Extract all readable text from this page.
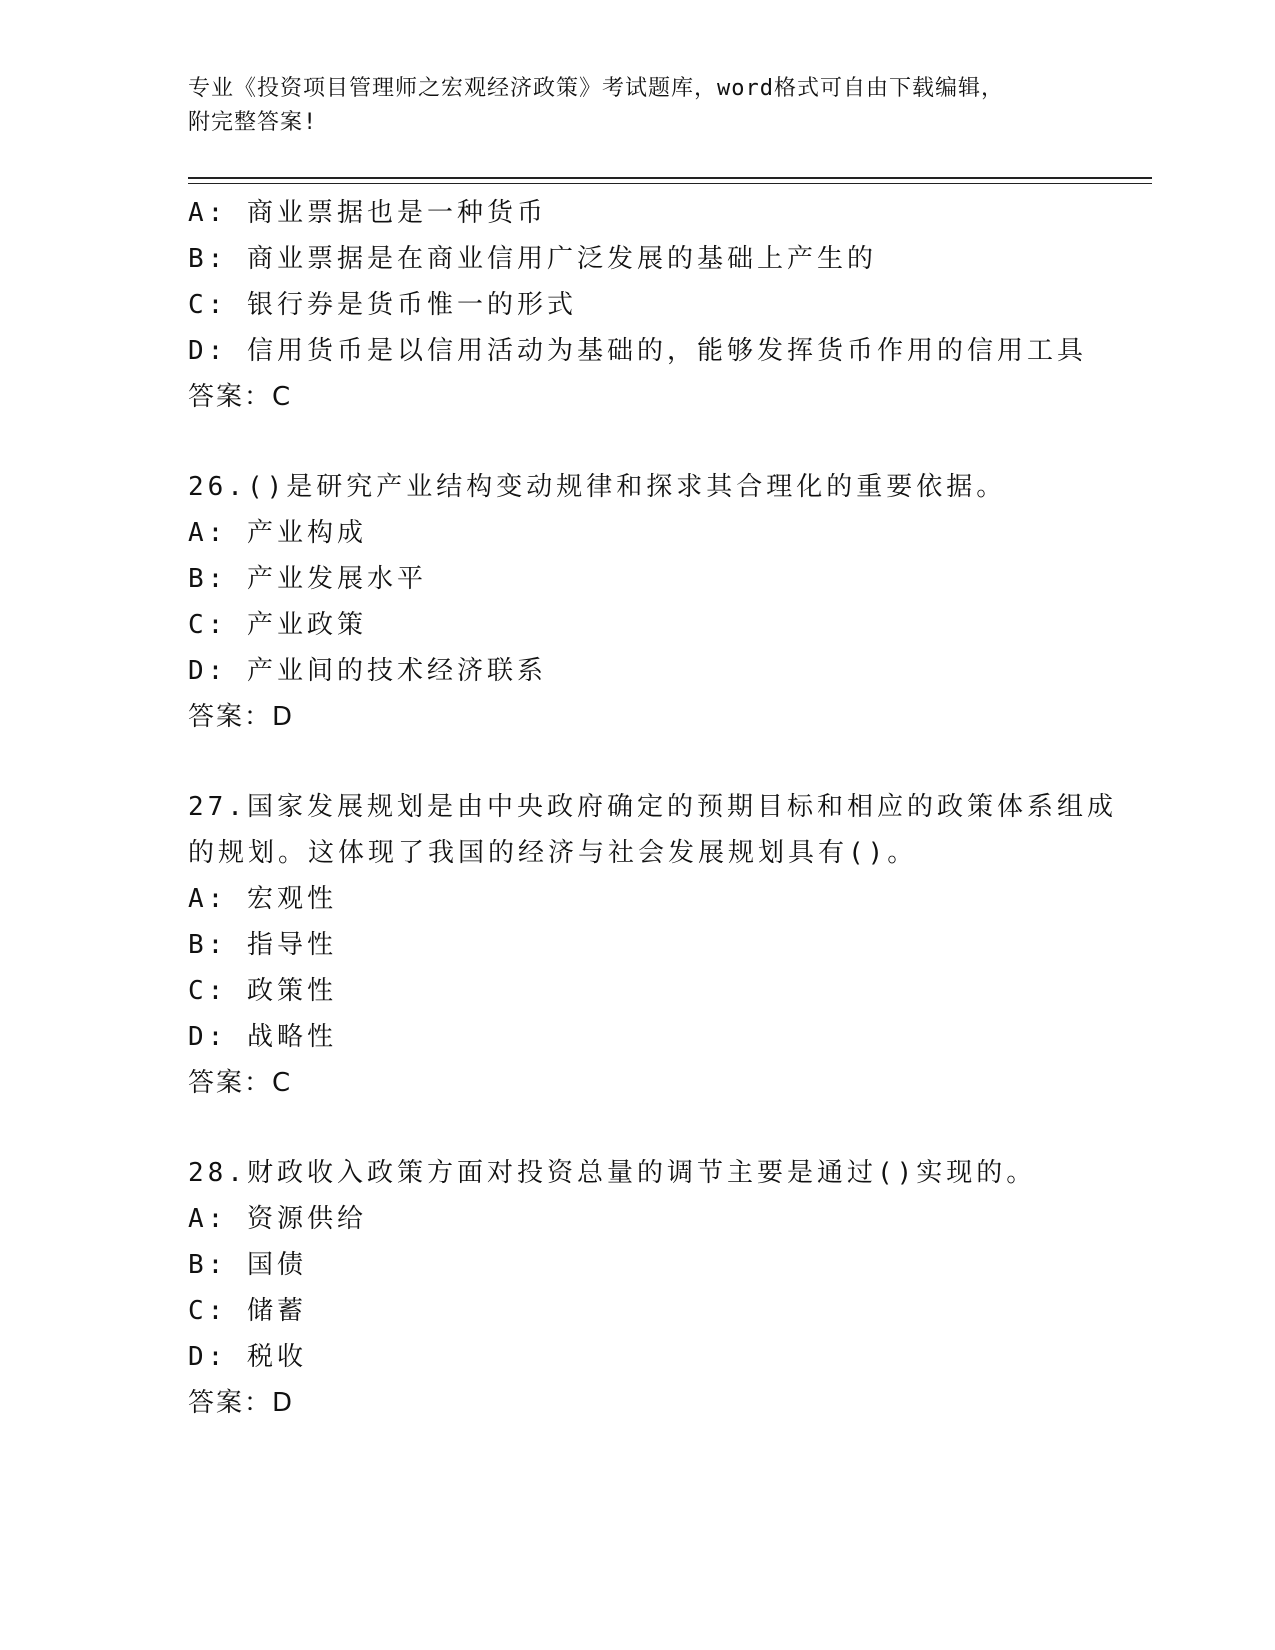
专业《投资项目管理师之宏观经济政策》考试题库，word格式可自由下载编辑，
附完整答案!
A: 商业票据也是一种货币
B: 商业票据是在商业信用广泛发展的基础上产生的
C: 银行券是货币惟一的形式
D: 信用货币是以信用活动为基础的，能够发挥货币作用的信用工具
答案：C
26.()是研究产业结构变动规律和探求其合理化的重要依据。
A: 产业构成
B: 产业发展水平
C: 产业政策
D: 产业间的技术经济联系
答案：D
27.国家发展规划是由中央政府确定的预期目标和相应的政策体系组成的规划。这体现了我国的经济与社会发展规划具有()。
A: 宏观性
B: 指导性
C: 政策性
D: 战略性
答案：C
28.财政收入政策方面对投资总量的调节主要是通过()实现的。
A: 资源供给
B: 国债
C: 储蓄
D: 税收
答案：D
